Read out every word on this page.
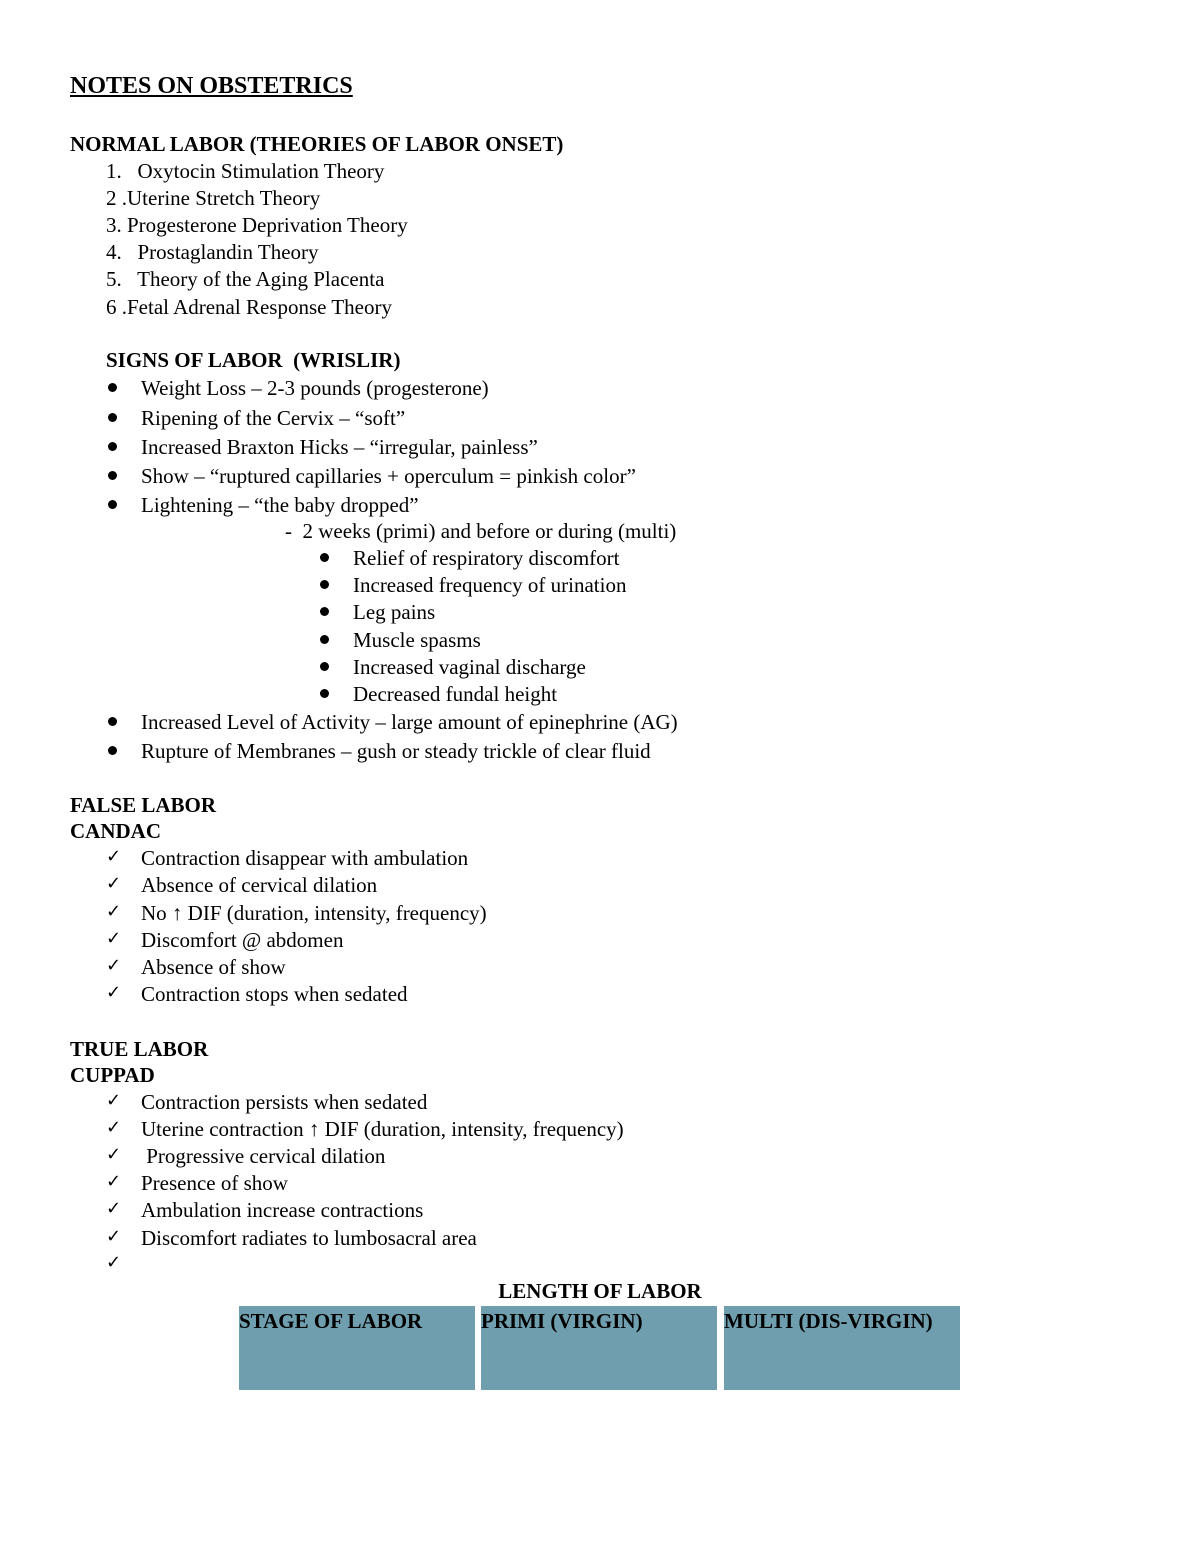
NOTES ON OBSTETRICS
NORMAL LABOR (THEORIES OF LABOR ONSET)
1.   Oxytocin Stimulation Theory
2 .Uterine Stretch Theory
3. Progesterone Deprivation Theory
4.   Prostaglandin Theory
5.   Theory of the Aging Placenta
6 .Fetal Adrenal Response Theory
SIGNS OF LABOR  (WRISLIR)
Weight Loss – 2-3 pounds (progesterone)
Ripening of the Cervix – “soft”
Increased Braxton Hicks – “irregular, painless”
Show – “ruptured capillaries + operculum = pinkish color”
Lightening – “the baby dropped”
-  2 weeks (primi) and before or during (multi)
Relief of respiratory discomfort
Increased frequency of urination
Leg pains
Muscle spasms
Increased vaginal discharge
Decreased fundal height
Increased Level of Activity – large amount of epinephrine (AG)
Rupture of Membranes – gush or steady trickle of clear fluid
FALSE LABOR
CANDAC
✓ Contraction disappear with ambulation
✓ Absence of cervical dilation
✓ No ↑ DIF (duration, intensity, frequency)
✓ Discomfort @ abdomen
✓ Absence of show
✓ Contraction stops when sedated
TRUE LABOR
CUPPAD
✓ Contraction persists when sedated
✓ Uterine contraction ↑ DIF (duration, intensity, frequency)
✓ Progressive cervical dilation
✓ Presence of show
✓ Ambulation increase contractions
✓ Discomfort radiates to lumbosacral area
✓
LENGTH OF LABOR
STAGE OF LABOR	PRIMI (VIRGIN)	MULTI (DIS-VIRGIN)
